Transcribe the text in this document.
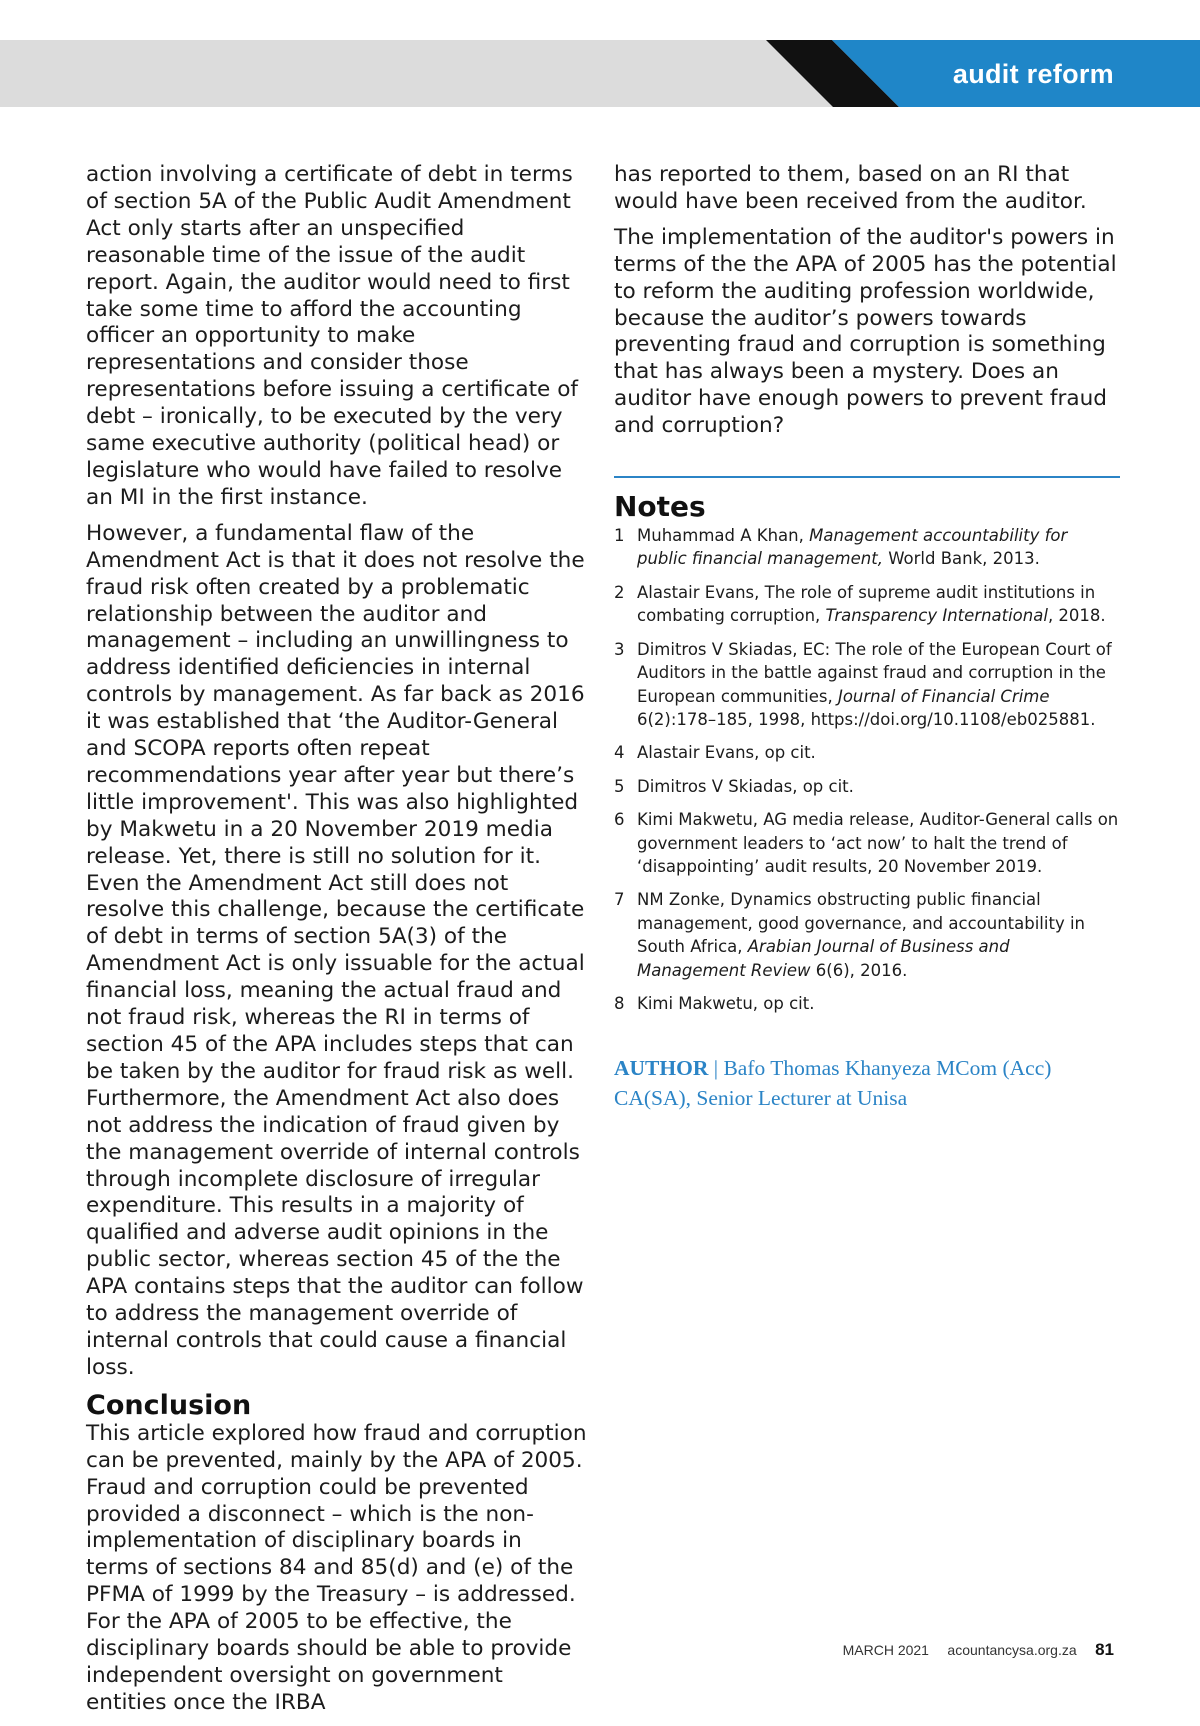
audit reform

action involving a certificate of debt in terms of section 5A of the Public Audit Amendment Act only starts after an unspecified reasonable time of the issue of the audit report. Again, the auditor would need to first take some time to afford the accounting officer an opportunity to make representations and consider those representations before issuing a certificate of debt – ironically, to be executed by the very same executive authority (political head) or legislature who would have failed to resolve an MI in the first instance.

However, a fundamental flaw of the Amendment Act is that it does not resolve the fraud risk often created by a problematic relationship between the auditor and management – including an unwillingness to address identified deficiencies in internal controls by management. As far back as 2016 it was established that ‘the Auditor-General and SCOPA reports often repeat recommendations year after year but there’s little improvement'. This was also highlighted by Makwetu in a 20 November 2019 media release. Yet, there is still no solution for it. Even the Amendment Act still does not resolve this challenge, because the certificate of debt in terms of section 5A(3) of the Amendment Act is only issuable for the actual financial loss, meaning the actual fraud and not fraud risk, whereas the RI in terms of section 45 of the APA includes steps that can be taken by the auditor for fraud risk as well. Furthermore, the Amendment Act also does not address the indication of fraud given by the management override of internal controls through incomplete disclosure of irregular expenditure. This results in a majority of qualified and adverse audit opinions in the public sector, whereas section 45 of the the APA contains steps that the auditor can follow to address the management override of internal controls that could cause a financial loss.

Conclusion

This article explored how fraud and corruption can be prevented, mainly by the APA of 2005. Fraud and corruption could be prevented provided a disconnect – which is the non-implementation of disciplinary boards in terms of sections 84 and 85(d) and (e) of the PFMA of 1999 by the Treasury – is addressed. For the APA of 2005 to be effective, the disciplinary boards should be able to provide independent oversight on government entities once the IRBA

has reported to them, based on an RI that would have been received from the auditor.

The implementation of the auditor's powers in terms of the the APA of 2005 has the potential to reform the auditing profession worldwide, because the auditor’s powers towards preventing fraud and corruption is something that has always been a mystery. Does an auditor have enough powers to prevent fraud and corruption?

Notes
1 Muhammad A Khan, Management accountability for public financial management, World Bank, 2013.
2 Alastair Evans, The role of supreme audit institutions in combating corruption, Transparency International, 2018.
3 Dimitros V Skiadas, EC: The role of the European Court of Auditors in the battle against fraud and corruption in the European communities, Journal of Financial Crime 6(2):178–185, 1998, https://doi.org/10.1108/eb025881.
4 Alastair Evans, op cit.
5 Dimitros V Skiadas, op cit.
6 Kimi Makwetu, AG media release, Auditor-General calls on government leaders to ‘act now’ to halt the trend of ‘disappointing’ audit results, 20 November 2019.
7 NM Zonke, Dynamics obstructing public financial management, good governance, and accountability in South Africa, Arabian Journal of Business and Management Review 6(6), 2016.
8 Kimi Makwetu, op cit.
AUTHOR | Bafo Thomas Khanyeza MCom (Acc) CA(SA), Senior Lecturer at Unisa
MARCH 2021 acountancysa.org.za 81
